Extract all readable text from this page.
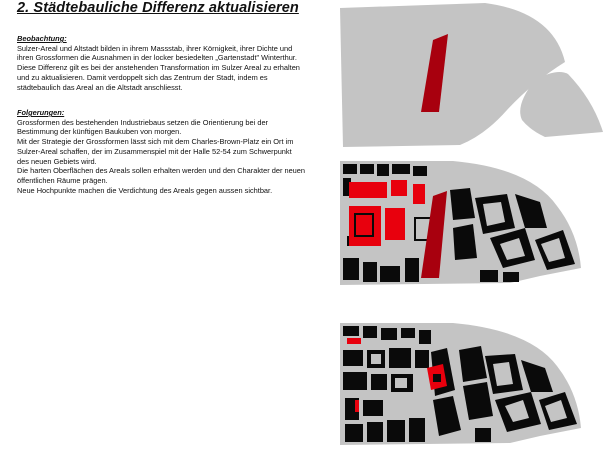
2. Städtebauliche Differenz aktualisieren
Beobachtung:
Sulzer-Areal und Altstadt bilden in ihrem Massstab, ihrer Körnigkeit, ihrer Dichte und ihren Grossformen die Ausnahmen in der locker besiedelten „Gartenstadt" Winterthur. Diese Differenz gilt es bei der anstehenden Transformation im Sulzer Areal zu erhalten und zu aktualisieren. Damit verdoppelt sich das Zentrum der Stadt, indem es städtebaulich das Areal an die Altstadt anschliesst.
Folgerungen:
Grossformen des bestehenden Industriebaus setzen die Orientierung bei der Bestimmung der künftigen Baukuben von morgen.
Mit der Strategie der Grossformen lässt sich mit dem Charles-Brown-Platz ein Ort im Sulzer-Areal schaffen, der im Zusammenspiel mit der Halle 52-54 zum Schwerpunkt des neuen Gebiets wird.
Die harten Oberflächen des Areals sollen erhalten werden und den Charakter der neuen öffentlichen Räume prägen.
Neue Hochpunkte machen die Verdichtung des Areals gegen aussen sichtbar.
